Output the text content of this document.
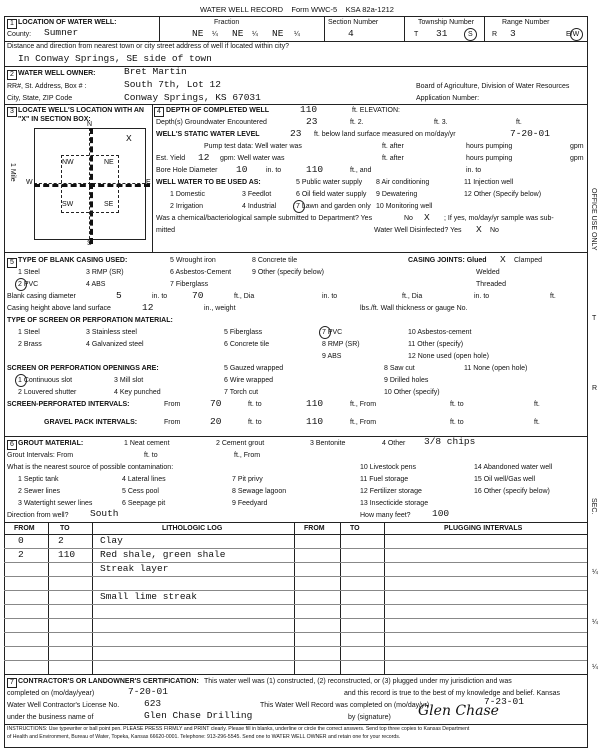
WATER WELL RECORD Form WWC-5 KSA 82a-1212
1 LOCATION OF WATER WELL:
County: Sumner
Fraction
NE ¼ NE ¼ NE ¼
Section Number
4
Township Number
T 31	S
Range Number
R 3	E/W
Distance and direction from nearest town or city street address of well if located within city?
In Conway Springs, SE side of town
2 WATER WELL OWNER:	Bret Martin
RR#, St. Address, Box # :	South 7th, Lot 12
City, State, ZIP Code	Conway Springs, KS 67031
Board of Agriculture, Division of Water Resources
Application Number:
3 LOCATE WELL'S LOCATION WITH AN "X" IN SECTION BOX:
N
S
W	E
NW	NE
SW	SE
X
1 Mile
4 DEPTH OF COMPLETED WELL	110	ft. ELEVATION:
Depth(s) Groundwater Encountered	23	ft. 2.	ft. 3.	ft.
WELL'S STATIC WATER LEVEL	23 ft. below land surface measured on mo/day/yr	7-20-01
Pump test data: Well water was	ft. after	hours pumping	gpm
Est. Yield 12 gpm: Well water was	ft. after	hours pumping	gpm
Bore Hole Diameter 10	in. to	110	ft., and	in. to
WELL WATER TO BE USED AS:
1 Domestic	3 Feedlot
5 Public water supply 8 Air conditioning	11 Injection well
2 Irrigation	4 Industrial	7 Lawn and garden only
6 Oil field water supply 9 Dewatering	12 Other (Specify below)
10 Monitoring well
Was a chemical/bacteriological sample submitted to Department? Yes	No X ; If yes, mo/day/yr sample was sub-
mitted	Water Well Disinfected? Yes X No
5 TYPE OF BLANK CASING USED:
1 Steel	3 RMP (SR)
5 Wrought iron
6 Asbestos-Cement
8 Concrete tile
9 Other (specify below)
2 PVC	4 ABS	7 Fiberglass
CASING JOINTS: Glued X Clamped
Welded
Threaded
Blank casing diameter	5	in. to	70	ft., Dia	in. to	ft., Dia	in. to	ft.
Casing height above land surface	12	in., weight	lbs./ft. Wall thickness or gauge No.
TYPE OF SCREEN OR PERFORATION MATERIAL:
1 Steel	3 Stainless steel	5 Fiberglass	7 PVC	10 Asbestos-cement
2 Brass	4 Galvanized steel	6 Concrete tile	8 RMP (SR)	11 Other (specify)
9 ABS	12 None used (open hole)
SCREEN OR PERFORATION OPENINGS ARE:	5 Gauzed wrapped	8 Saw cut	11 None (open hole)
1 Continuous slot	3 Mill slot	6 Wire wrapped	9 Drilled holes
2 Louvered shutter	4 Key punched	7 Torch cut	10 Other (specify)
SCREEN-PERFORATED INTERVALS:	From	70	ft. to	110	ft., From	ft. to	ft.
GRAVEL PACK INTERVALS:	From	20	ft. to	110	ft., From	ft. to	ft.
6 GROUT MATERIAL:	1 Neat cement	2 Cement grout	3 Bentonite	4 Other 3/8 chips
Grout Intervals: From	ft. to	ft., From
What is the nearest source of possible contamination:
1 Septic tank	4 Lateral lines	7 Pit privy
10 Livestock pens	14 Abandoned water well
2 Sewer lines	5 Cess pool	8 Sewage lagoon
11 Fuel storage	15 Oil well/Gas well
3 Watertight sewer lines	6 Seepage pit	9 Feedyard
12 Fertilizer storage	16 Other (specify below)
13 Insecticide storage
Direction from well? South	How many feet? 100
FROM	TO	LITHOLOGIC LOG	FROM	TO	PLUGGING INTERVALS
0	2	Clay
2	110	Red shale, green shale
Streak layer
Small lime streak
7 CONTRACTOR'S OR LANDOWNER'S CERTIFICATION: This water well was (1) constructed, (2) reconstructed, or (3) plugged under my jurisdiction and was
completed on (mo/day/year)	7-20-01	and this record is true to the best of my knowledge and belief. Kansas
Water Well Contractor's License No.	623	This Water Well Record was completed on (mo/day/yr)	7-23-01
under the business name of	Glen Chase Drilling	by (signature) Glen Chase
INSTRUCTIONS: Use typewriter or ball point pen. PLEASE PRESS FIRMLY and PRINT clearly. Please fill in blanks, underline or circle the correct answers. Send top three copies to Kansas Department
of Health and Environment, Bureau of Water, Topeka, Kansas 66620-0001. Telephone: 913-296-5545. Send one to WATER WELL OWNER and retain one for your records.
OFFICE USE ONLY
T
R
SEC.
¼
¼
¼
